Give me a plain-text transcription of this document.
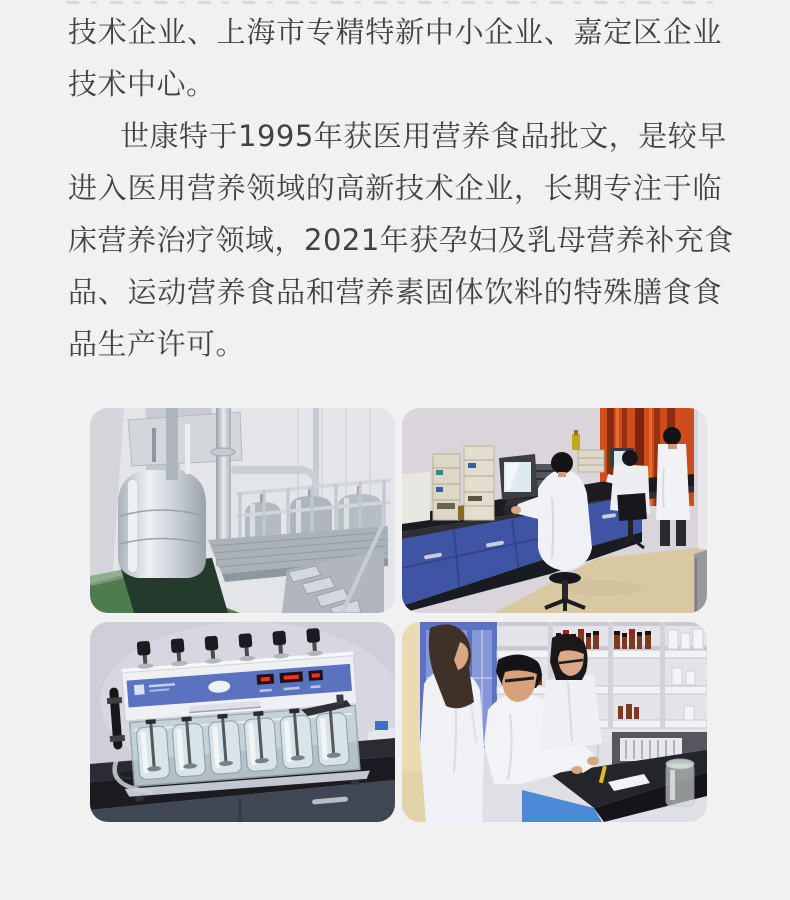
技术企业、上海市专精特新中小企业、嘉定区企业
技术中心。
世康特于1995年获医用营养食品批文，是较早
进入医用营养领域的高新技术企业，长期专注于临
床营养治疗领域，2021年获孕妇及乳母营养补充食
品、运动营养食品和营养素固体饮料的特殊膳食食
品生产许可。
